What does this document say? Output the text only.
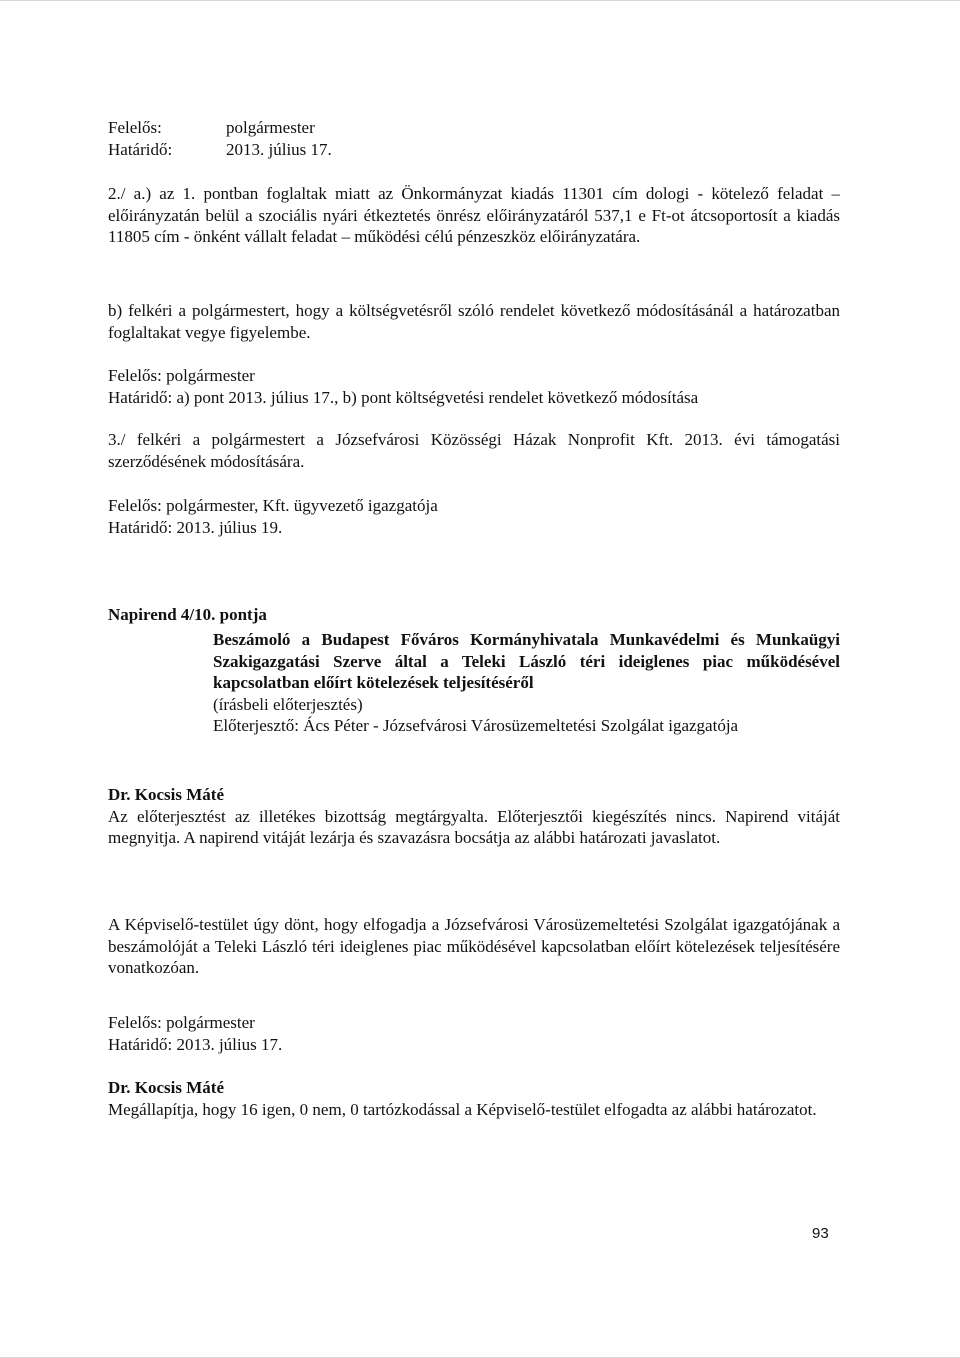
Felelős:	polgármester
Határidő:	2013. július 17.

2./ a.) az 1. pontban foglaltak miatt az Önkormányzat kiadás 11301 cím dologi - kötelező feladat – előirányzatán belül a szociális nyári étkeztetés önrész előirányzatáról 537,1 e Ft-ot átcsoportosít a kiadás 11805 cím - önként vállalt feladat – működési célú pénzeszköz előirányzatára.

b) felkéri a polgármestert, hogy a költségvetésről szóló rendelet következő módosításánál a határozatban foglaltakat vegye figyelembe.

Felelős: polgármester

Határidő: a) pont 2013. július 17., b) pont költségvetési rendelet következő módosítása

3./ felkéri a polgármestert a Józsefvárosi Közösségi Házak Nonprofit Kft. 2013. évi támogatási szerződésének módosítására.

Felelős: polgármester, Kft. ügyvezető igazgatója

Határidő: 2013. július 19.

Napirend 4/10. pontja

Beszámoló a Budapest Főváros Kormányhivatala Munkavédelmi és Munkaügyi Szakigazgatási Szerve által a Teleki László téri ideiglenes piac működésével kapcsolatban előírt kötelezések teljesítéséről

(írásbeli előterjesztés)

Előterjesztő: Ács Péter - Józsefvárosi Városüzemeltetési Szolgálat igazgatója

Dr. Kocsis Máté

Az előterjesztést az illetékes bizottság megtárgyalta. Előterjesztői kiegészítés nincs. Napirend vitáját megnyitja. A napirend vitáját lezárja és szavazásra bocsátja az alábbi határozati javaslatot.

A Képviselő-testület úgy dönt, hogy elfogadja a Józsefvárosi Városüzemeltetési Szolgálat igazgatójának a beszámolóját a Teleki László téri ideiglenes piac működésével kapcsolatban előírt kötelezések teljesítésére vonatkozóan.

Felelős: polgármester

Határidő: 2013. július 17.

Dr. Kocsis Máté

Megállapítja, hogy 16 igen, 0 nem, 0 tartózkodással a Képviselő-testület elfogadta az alábbi határozatot.

93
